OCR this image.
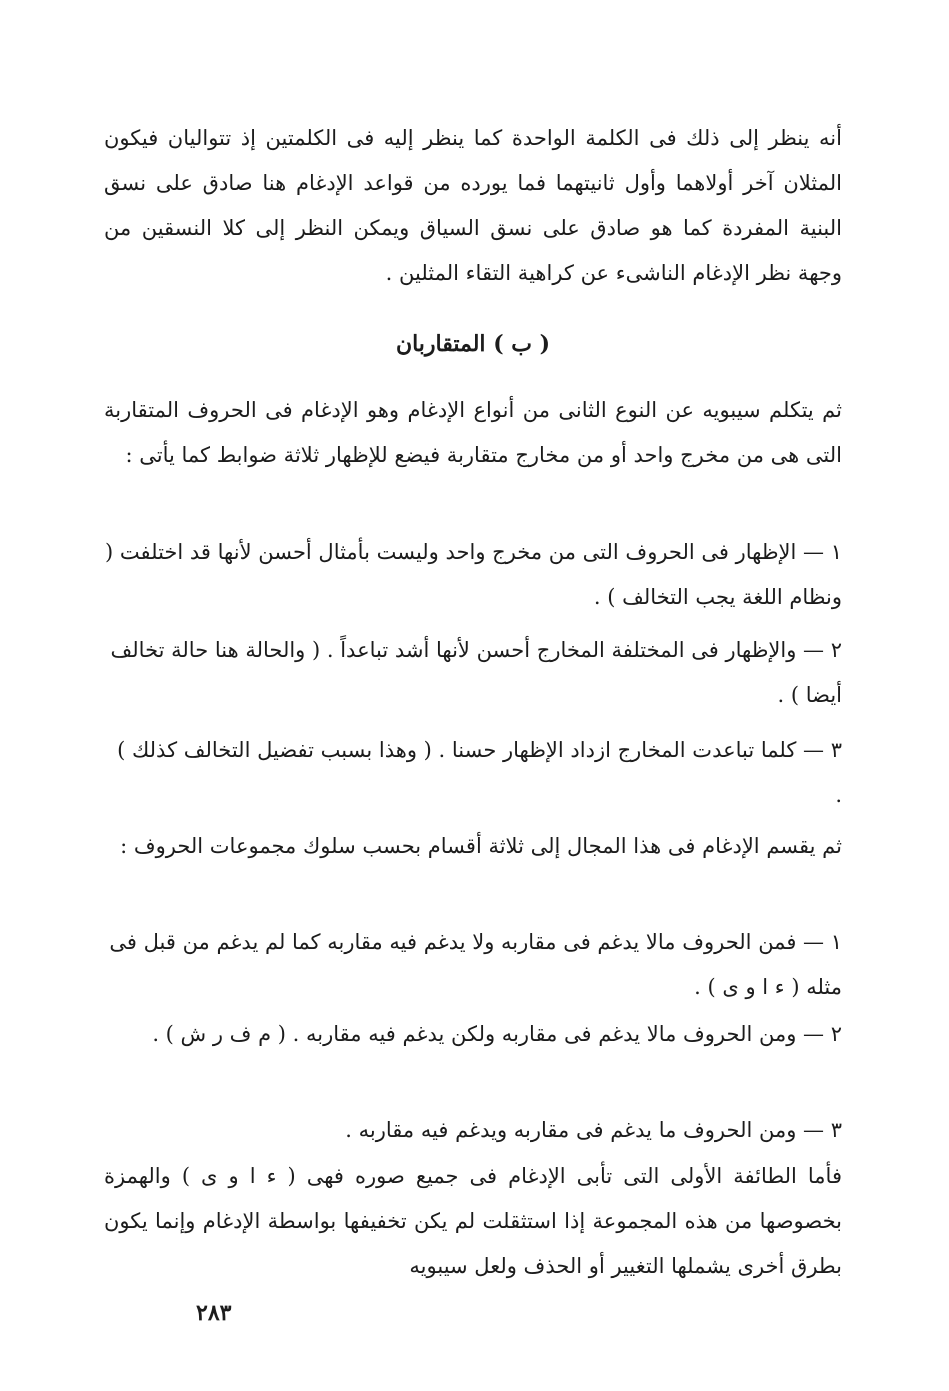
أنه ينظر إلى ذلك فى الكلمة الواحدة كما ينظر إليه فى الكلمتين إذ تتواليان فيكون المثلان آخر أولاهما وأول ثانيتهما فما يورده من قواعد الإدغام هنا صادق على نسق البنية المفردة كما هو صادق على نسق السياق ويمكن النظر إلى كلا النسقين من وجهة نظر الإدغام الناشىء عن كراهية التقاء المثلين .
( ب ) المتقاربان
ثم يتكلم سيبويه عن النوع الثانى من أنواع الإدغام وهو الإدغام فى الحروف المتقاربة التى هى من مخرج واحد أو من مخارج متقاربة فيضع للإظهار ثلاثة ضوابط كما يأتى :
١ — الإظهار فى الحروف التى من مخرج واحد وليست بأمثال أحسن لأنها قد اختلفت ( ونظام اللغة يجب التخالف ) .
٢ — والإظهار فى المختلفة المخارج أحسن لأنها أشد تباعداً . ( والحالة هنا حالة تخالف أيضا ) .
٣ — كلما تباعدت المخارج ازداد الإظهار حسنا . ( وهذا بسبب تفضيل التخالف كذلك ) .
ثم يقسم الإدغام فى هذا المجال إلى ثلاثة أقسام بحسب سلوك مجموعات الحروف :
١ — فمن الحروف مالا يدغم فى مقاربه ولا يدغم فيه مقاربه كما لم يدغم من قبل فى مثله ( ء ا و ى ) .
٢ — ومن الحروف مالا يدغم فى مقاربه ولكن يدغم فيه مقاربه . ( م ف ر ش ) .
٣ — ومن الحروف ما يدغم فى مقاربه ويدغم فيه مقاربه .
فأما الطائفة الأولى التى تأبى الإدغام فى جميع صوره فهى ( ء ا و ى ) والهمزة بخصوصها من هذه المجموعة إذا استثقلت لم يكن تخفيفها بواسطة الإدغام وإنما يكون بطرق أخرى يشملها التغيير أو الحذف ولعل سيبويه
٢٨٣
